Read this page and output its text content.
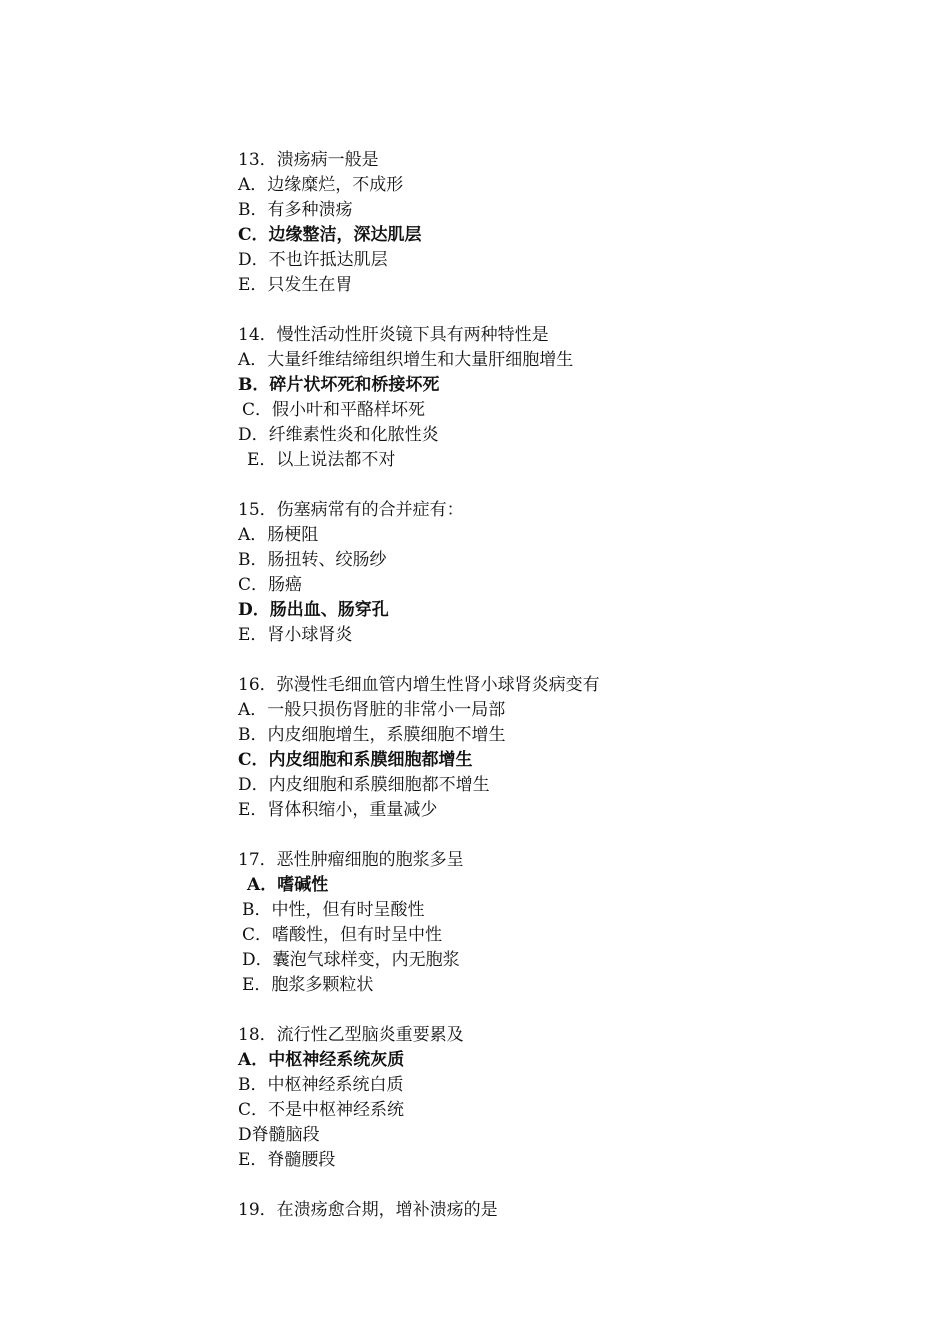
13．溃疡病一般是
A．边缘糜烂，不成形
B．有多种溃疡
C．边缘整洁，深达肌层
D．不也许抵达肌层
E．只发生在胃
14．慢性活动性肝炎镜下具有两种特性是
A．大量纤维结缔组织增生和大量肝细胞增生
B．碎片状坏死和桥接坏死
C．假小叶和平酪样坏死
D．纤维素性炎和化脓性炎
E．以上说法都不对
15．伤塞病常有的合并症有：
A．肠梗阻
B．肠扭转、绞肠纱
C．肠癌
D．肠出血、肠穿孔
E．肾小球肾炎
16．弥漫性毛细血管内增生性肾小球肾炎病变有
A．一般只损伤肾脏的非常小一局部
B．内皮细胞增生，系膜细胞不增生
C．内皮细胞和系膜细胞都增生
D．内皮细胞和系膜细胞都不增生
E．肾体积缩小，重量减少
17．恶性肿瘤细胞的胞浆多呈
A．嗜碱性
B．中性，但有时呈酸性
C．嗜酸性，但有时呈中性
D．囊泡气球样变，内无胞浆
E．胞浆多颗粒状
18．流行性乙型脑炎重要累及
A．中枢神经系统灰质
B．中枢神经系统白质
C．不是中枢神经系统
D脊髓脑段
E．脊髓腰段
19．在溃疡愈合期，增补溃疡的是
